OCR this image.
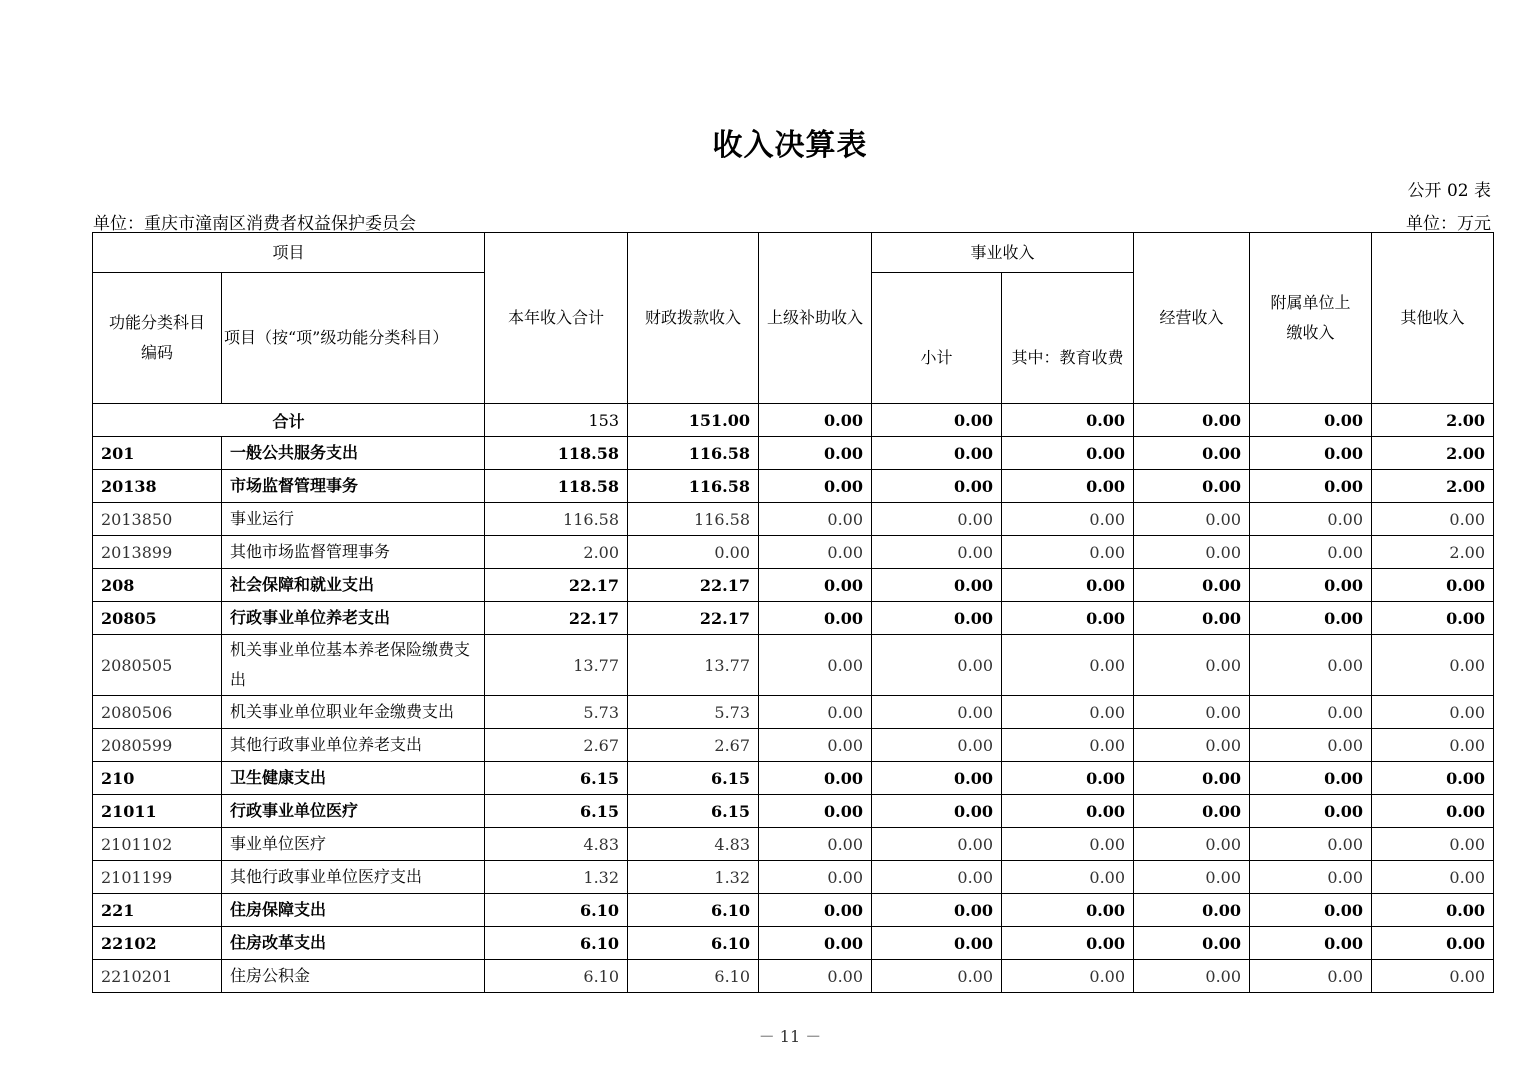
收入决算表
公开 02 表
单位：重庆市潼南区消费者权益保护委员会	单位：万元
项目		本年收入合计	财政拨款收入	上级补助收入	事业收入		经营收入	附属单位上缴收入	其他收入
功能分类科目编码	项目（按“项”级功能分类科目）				小计	其中：教育收费			
合计		153	151.00	0.00	0.00	0.00	0.00	0.00	2.00
201	一般公共服务支出	118.58	116.58	0.00	0.00	0.00	0.00	0.00	2.00
20138	市场监督管理事务	118.58	116.58	0.00	0.00	0.00	0.00	0.00	2.00
2013850	事业运行	116.58	116.58	0.00	0.00	0.00	0.00	0.00	0.00
2013899	其他市场监督管理事务	2.00	0.00	0.00	0.00	0.00	0.00	0.00	2.00
208	社会保障和就业支出	22.17	22.17	0.00	0.00	0.00	0.00	0.00	0.00
20805	行政事业单位养老支出	22.17	22.17	0.00	0.00	0.00	0.00	0.00	0.00
2080505	机关事业单位基本养老保险缴费支出	13.77	13.77	0.00	0.00	0.00	0.00	0.00	0.00
2080506	机关事业单位职业年金缴费支出	5.73	5.73	0.00	0.00	0.00	0.00	0.00	0.00
2080599	其他行政事业单位养老支出	2.67	2.67	0.00	0.00	0.00	0.00	0.00	0.00
210	卫生健康支出	6.15	6.15	0.00	0.00	0.00	0.00	0.00	0.00
21011	行政事业单位医疗	6.15	6.15	0.00	0.00	0.00	0.00	0.00	0.00
2101102	事业单位医疗	4.83	4.83	0.00	0.00	0.00	0.00	0.00	0.00
2101199	其他行政事业单位医疗支出	1.32	1.32	0.00	0.00	0.00	0.00	0.00	0.00
221	住房保障支出	6.10	6.10	0.00	0.00	0.00	0.00	0.00	0.00
22102	住房改革支出	6.10	6.10	0.00	0.00	0.00	0.00	0.00	0.00
2210201	住房公积金	6.10	6.10	0.00	0.00	0.00	0.00	0.00	0.00
－ 11 －
